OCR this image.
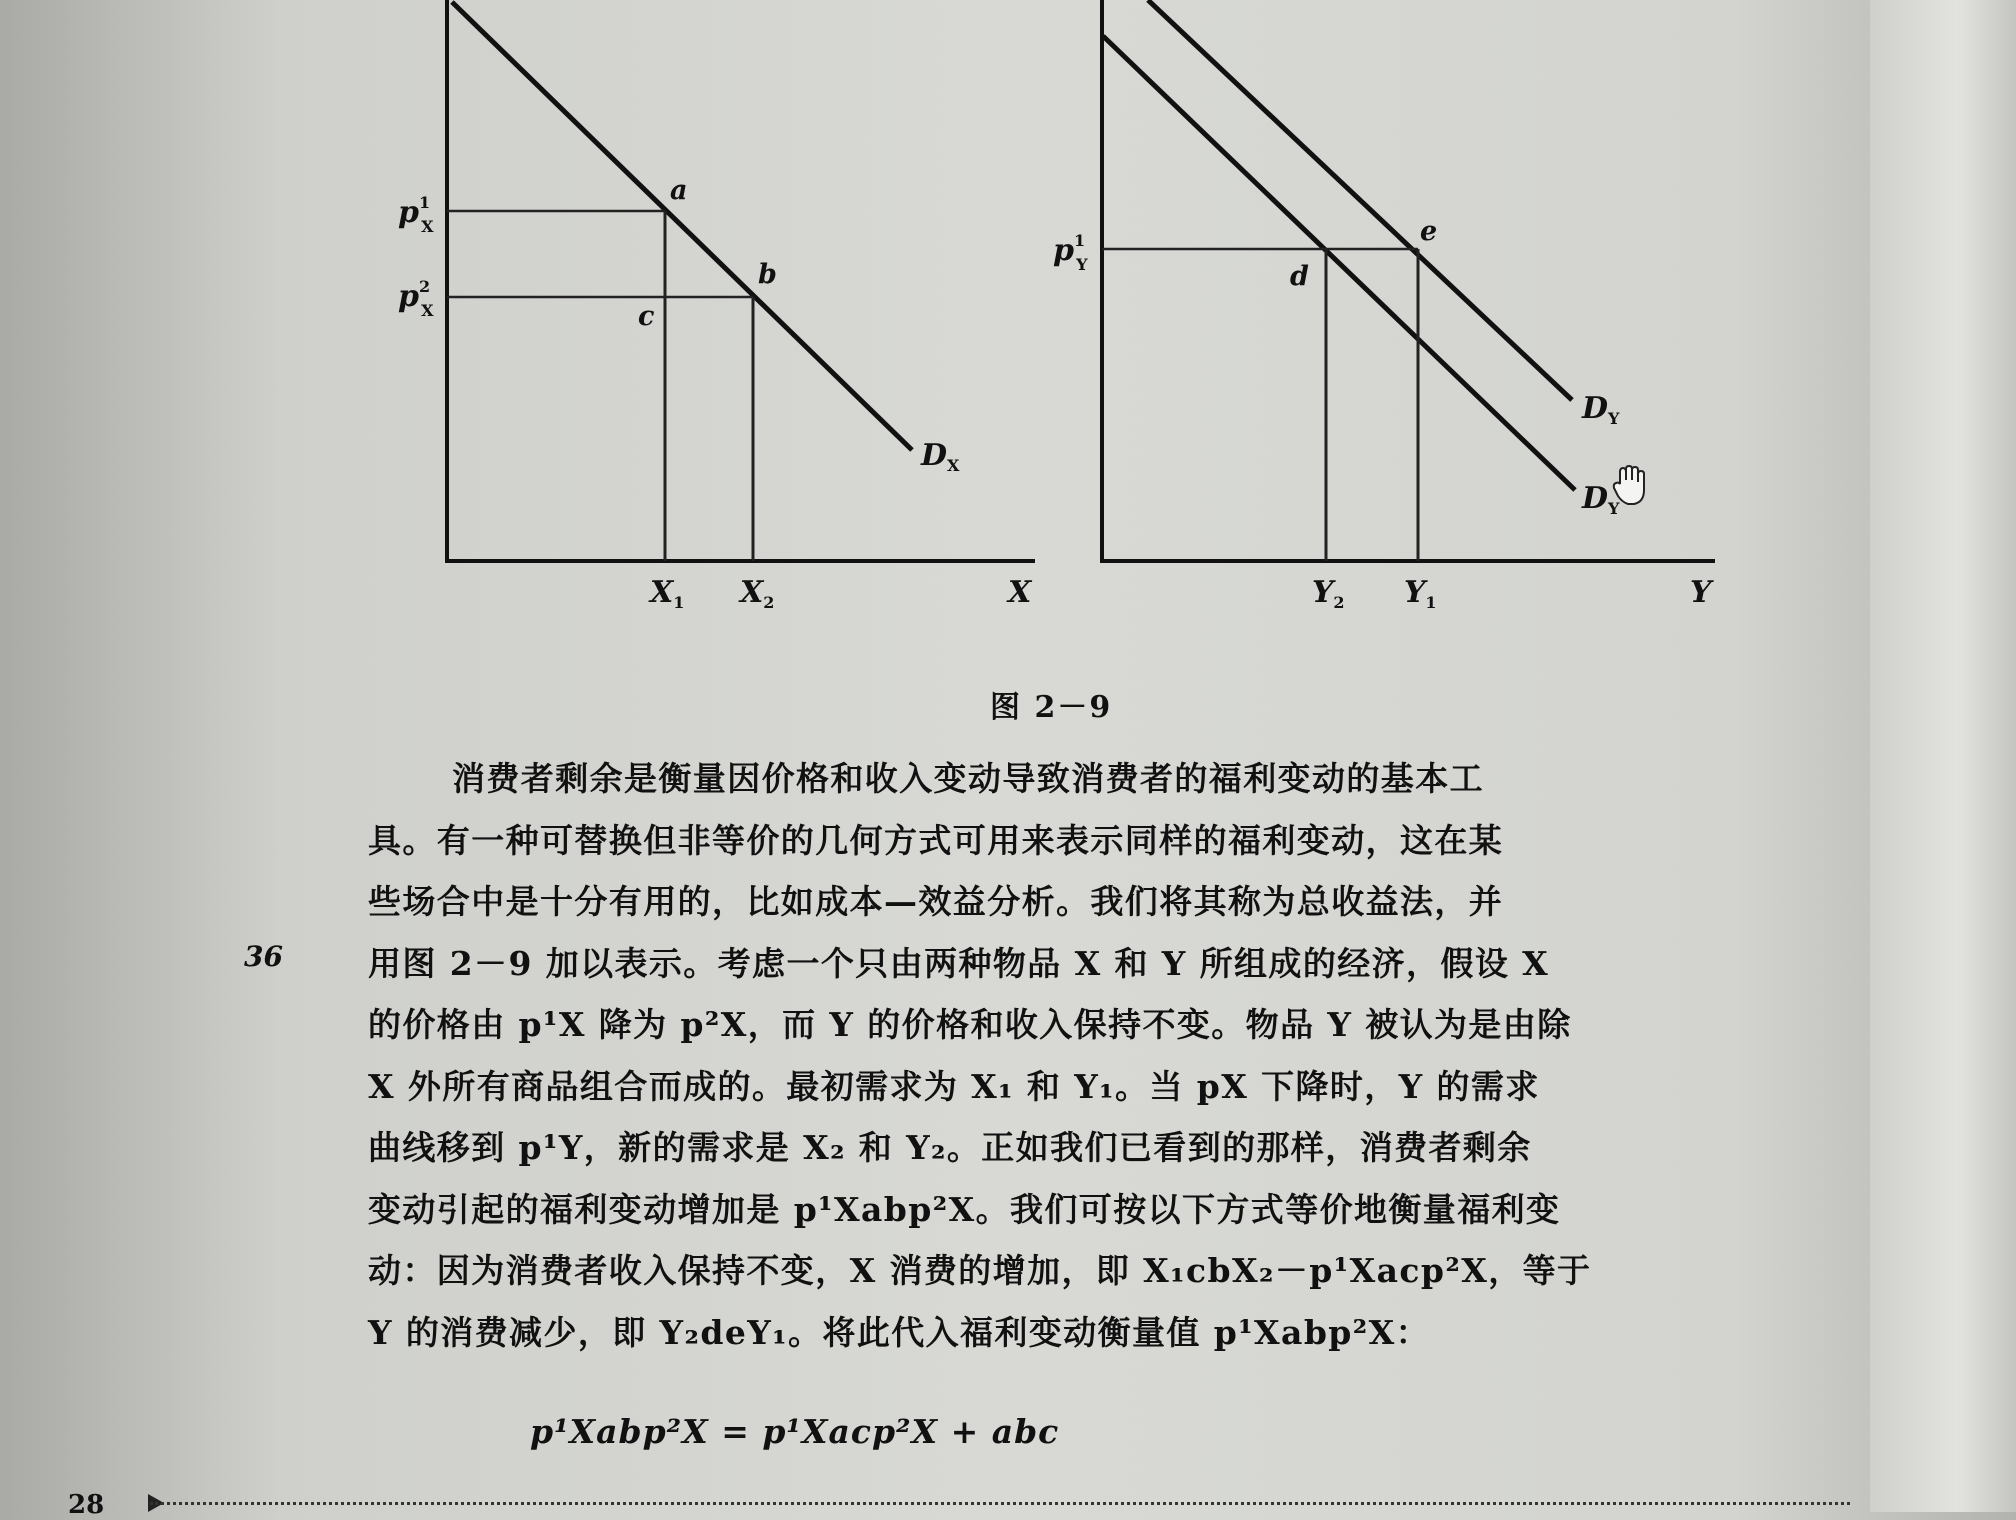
$p^1$ X
$p^2$ X
a
b
c
$D_X$
$X_1$ $X_2$	X
$p^1$ Y	d
e
$D_Y$
$D_Y$
$Y_2$ $Y_1$	Y
图 2－9
36
消费者剩余是衡量因价格和收入变动导致消费者的福利变动的基本工
具。有一种可替换但非等价的几何方式可用来表示同样的福利变动，这在某
些场合中是十分有用的，比如成本—效益分析。我们将其称为总收益法，并
用图 2－9 加以表示。考虑一个只由两种物品 X 和 Y 所组成的经济，假设 X
的价格由 p¹X 降为 p²X，而 Y 的价格和收入保持不变。物品 Y 被认为是由除
X 外所有商品组合而成的。最初需求为 X₁ 和 Y₁。当 pX 下降时，Y 的需求
曲线移到 p¹Y，新的需求是 X₂ 和 Y₂。正如我们已看到的那样，消费者剩余
变动引起的福利变动增加是 p¹Xabp²X。我们可按以下方式等价地衡量福利变
动：因为消费者收入保持不变，X 消费的增加，即 X₁cbX₂－p¹Xacp²X，等于
Y 的消费减少，即 Y₂deY₁。将此代入福利变动衡量值 p¹Xabp²X：
p¹Xabp²X = p¹Xacp²X + abc
28
